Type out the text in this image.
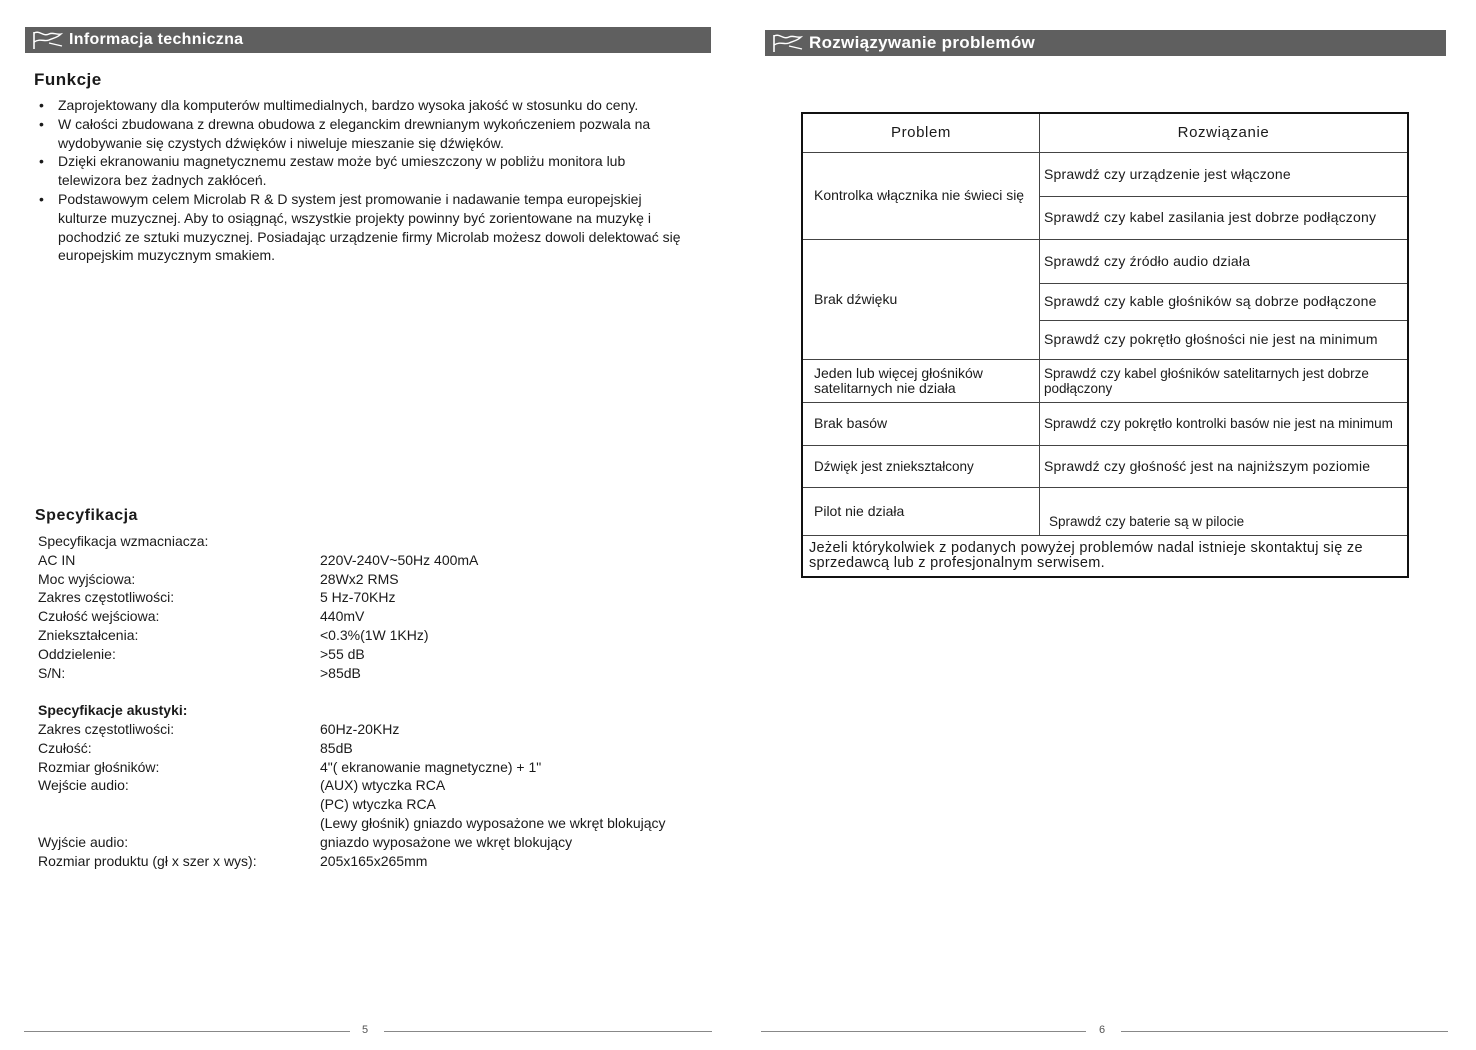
Informacja techniczna
Funkcje
• Zaprojektowany dla komputerów multimedialnych, bardzo wysoka jakość w stosunku do ceny.
• W całości zbudowana z drewna obudowa z eleganckim drewnianym wykończeniem pozwala na wydobywanie się czystych dźwięków i niweluje mieszanie się dźwięków.
• Dzięki ekranowaniu magnetycznemu zestaw może być umieszczony w pobliżu monitora lub telewizora bez żadnych zakłóceń.
• Podstawowym celem Microlab R & D system jest promowanie i nadawanie tempa europejskiej kulturze muzycznej. Aby to osiągnąć, wszystkie projekty powinny być zorientowane na muzykę i pochodzić ze sztuki muzycznej. Posiadając urządzenie firmy Microlab możesz dowoli delektować się europejskim muzycznym smakiem.
Specyfikacja
Specyfikacja wzmacniacza:
AC IN	220V-240V~50Hz 400mA
Moc wyjściowa:	28Wx2 RMS
Zakres częstotliwości:	5 Hz-70KHz
Czułość wejściowa:	440mV
Zniekształcenia:	<0.3%(1W 1KHz)
Oddzielenie:	>55 dB
S/N:	>85dB
Specyfikacje akustyki:
Zakres częstotliwości:	60Hz-20KHz
Czułość:	85dB
Rozmiar głośników:	4"( ekranowanie magnetyczne) + 1"
Wejście audio:	(AUX) wtyczka RCA
(PC) wtyczka RCA
(Lewy głośnik) gniazdo wyposażone we wkręt blokujący
Wyjście audio:	gniazdo wyposażone we wkręt blokujący
Rozmiar produktu (gł x szer x wys):	205x165x265mm
5
Rozwiązywanie problemów
Problem	Rozwiązanie
Kontrolka włącznika nie świeci się	Sprawdź czy urządzenie jest włączone
	Sprawdź czy kabel zasilania jest dobrze podłączony
Brak dźwięku	Sprawdź czy źródło audio działa
	Sprawdź czy kable głośników są dobrze podłączone
	Sprawdź czy pokrętło głośności nie jest na minimum
Jeden lub więcej głośników satelitarnych nie działa	Sprawdź czy kabel głośników satelitarnych jest dobrze podłączony
Brak basów	Sprawdź czy pokrętło kontrolki basów nie jest na minimum
Dźwięk jest zniekształcony	Sprawdź czy głośność jest na najniższym poziomie
Pilot nie działa	Sprawdź czy baterie są w pilocie
Jeżeli którykolwiek z podanych powyżej problemów nadal istnieje skontaktuj się ze sprzedawcą lub z profesjonalnym serwisem.	
6
